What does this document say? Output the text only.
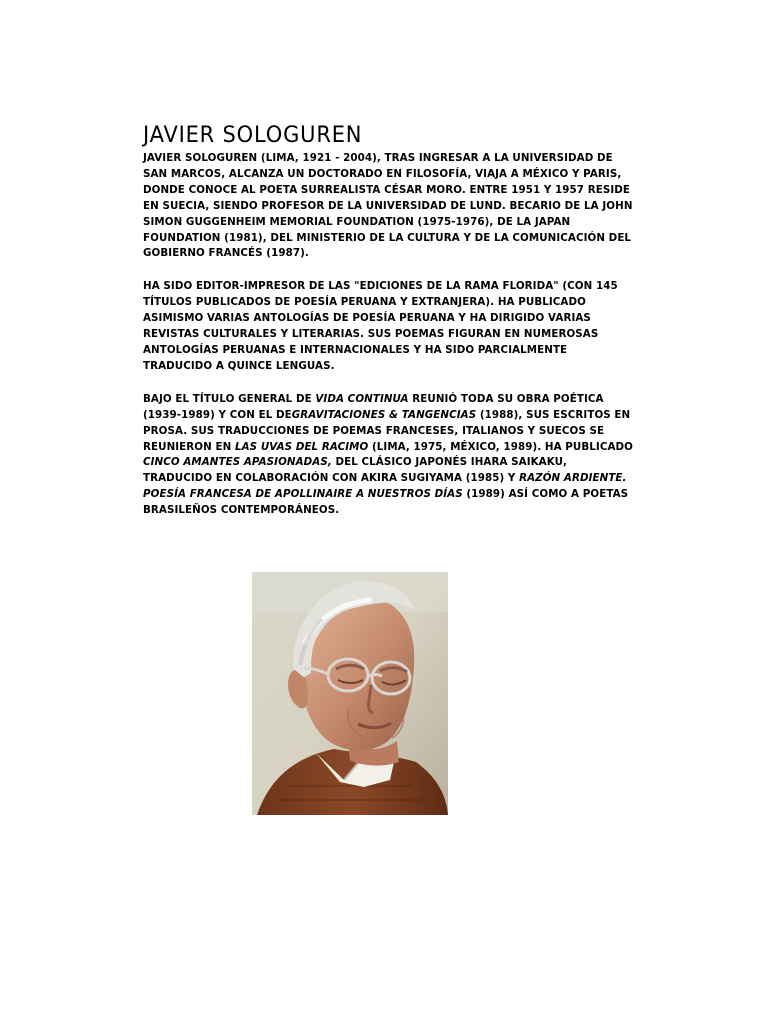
JAVIER SOLOGUREN

JAVIER SOLOGUREN (LIMA, 1921 - 2004), TRAS INGRESAR A LA UNIVERSIDAD DE SAN MARCOS, ALCANZA UN DOCTORADO EN FILOSOFÍA, VIAJA A MÉXICO Y PARIS, DONDE CONOCE AL POETA SURREALISTA CÉSAR MORO. ENTRE 1951 Y 1957 RESIDE EN SUECIA, SIENDO PROFESOR DE LA UNIVERSIDAD DE LUND. BECARIO DE LA JOHN SIMON GUGGENHEIM MEMORIAL FOUNDATION (1975-1976), DE LA JAPAN FOUNDATION (1981), DEL MINISTERIO DE LA CULTURA Y DE LA COMUNICACIÓN DEL GOBIERNO FRANCÉS (1987).

HA SIDO EDITOR-IMPRESOR DE LAS "EDICIONES DE LA RAMA FLORIDA" (CON 145 TÍTULOS PUBLICADOS DE POESÍA PERUANA Y EXTRANJERA). HA PUBLICADO ASIMISMO VARIAS ANTOLOGÍAS DE POESÍA PERUANA Y HA DIRIGIDO VARIAS REVISTAS CULTURALES Y LITERARIAS. SUS POEMAS FIGURAN EN NUMEROSAS ANTOLOGÍAS PERUANAS E INTERNACIONALES Y HA SIDO PARCIALMENTE TRADUCIDO A QUINCE LENGUAS.

BAJO EL TÍTULO GENERAL DE VIDA CONTINUA REUNIÓ TODA SU OBRA POÉTICA (1939-1989) Y CON EL DEGRAVITACIONES & TANGENCIAS (1988), SUS ESCRITOS EN PROSA. SUS TRADUCCIONES DE POEMAS FRANCESES, ITALIANOS Y SUECOS SE REUNIERON EN LAS UVAS DEL RACIMO (LIMA, 1975, MÉXICO, 1989). HA PUBLICADO CINCO AMANTES APASIONADAS, DEL CLÁSICO JAPONÉS IHARA SAIKAKU, TRADUCIDO EN COLABORACIÓN CON AKIRA SUGIYAMA (1985) Y RAZÓN ARDIENTE. POESÍA FRANCESA DE APOLLINAIRE A NUESTROS DÍAS (1989) ASÍ COMO A POETAS BRASILEÑOS CONTEMPORÁNEOS.
